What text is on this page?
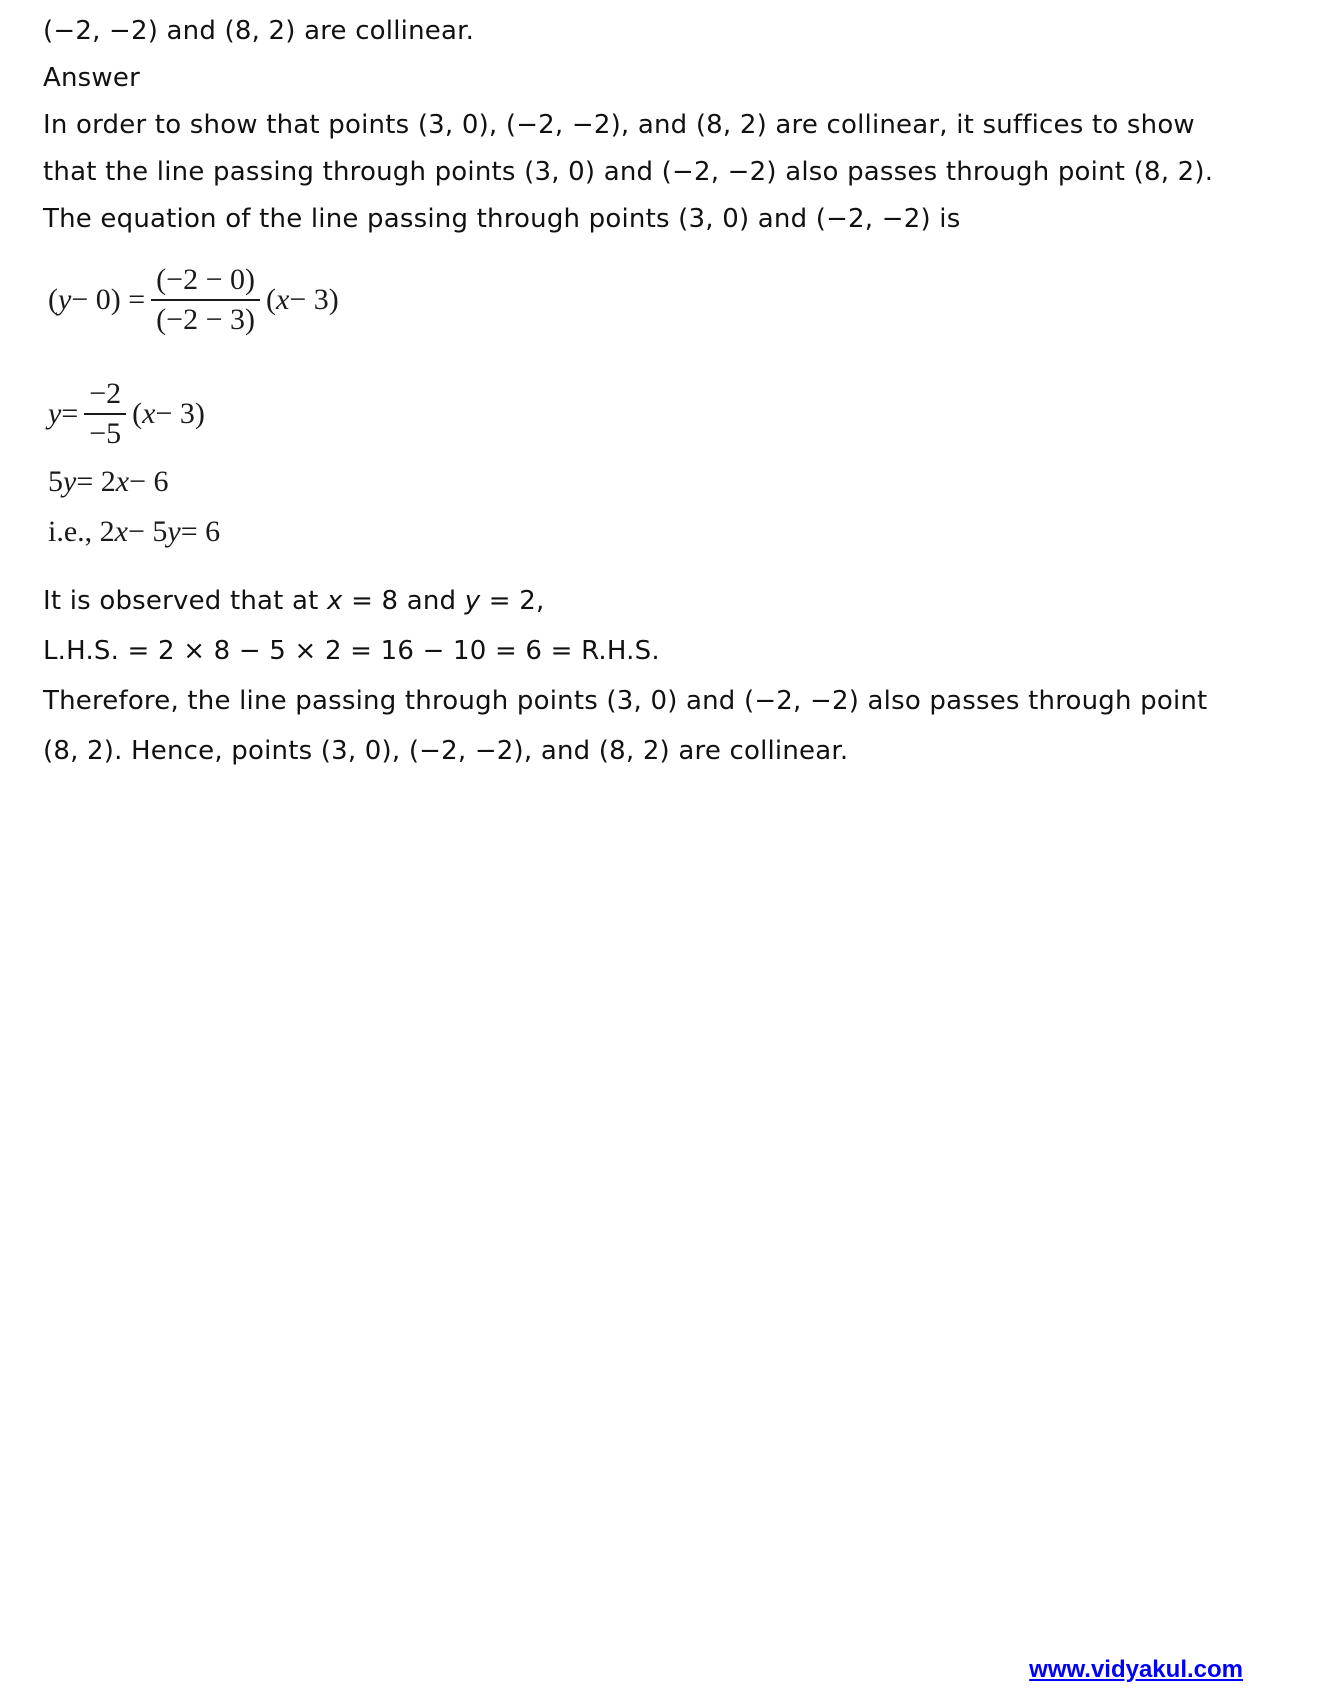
(−2, −2) and (8, 2) are collinear.
Answer
In order to show that points (3, 0), (−2, −2), and (8, 2) are collinear, it suffices to show
that the line passing through points (3, 0) and (−2, −2) also passes through point (8, 2).
The equation of the line passing through points (3, 0) and (−2, −2) is
( $y - 0) = \frac{(-2 - 0)}{(-2 - 3)}$ ( x − 3)
$y = \frac{-2}{-5}$ ( x − 3)
5 y = 2 x − 6
i.e., 2 x − 5 y = 6
It is observed that at x = 8 and y = 2,
L.H.S. = 2 × 8 − 5 × 2 = 16 − 10 = 6 = R.H.S.
Therefore, the line passing through points (3, 0) and (−2, −2) also passes through point
(8, 2). Hence, points (3, 0), (−2, −2), and (8, 2) are collinear.
www.vidyakul.com
